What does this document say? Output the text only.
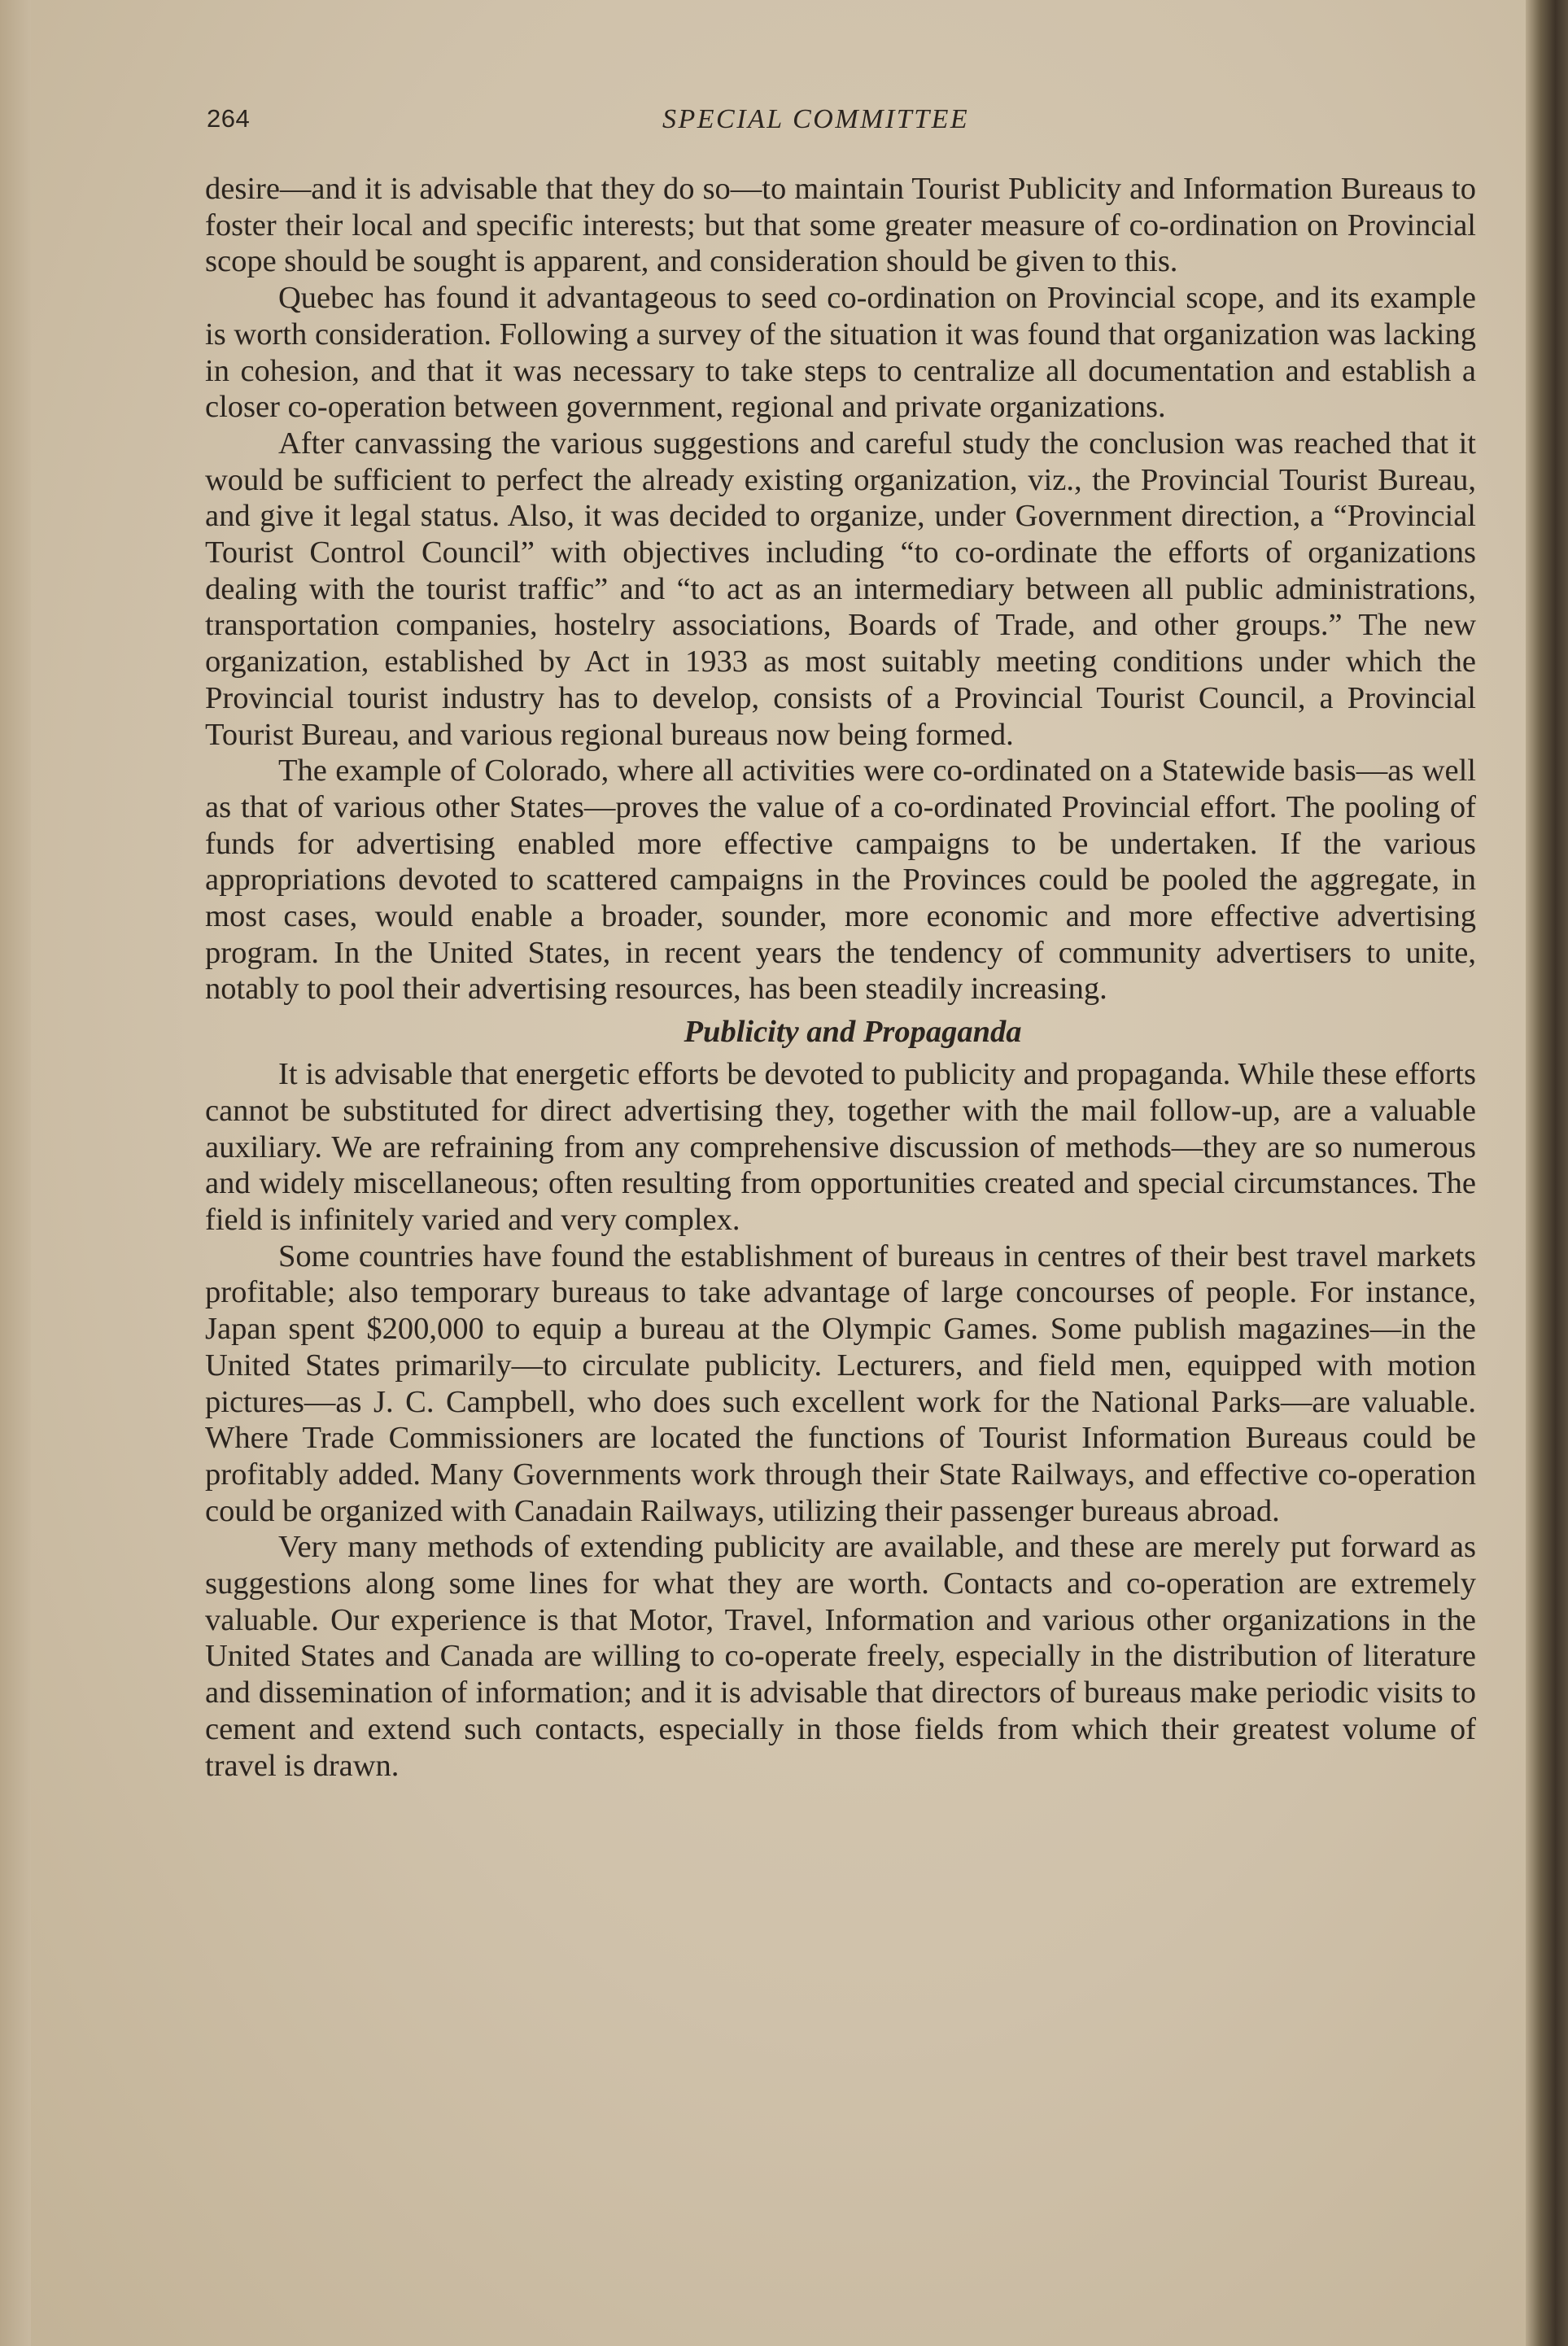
264	SPECIAL COMMITTEE

desire—and it is advisable that they do so—to maintain Tourist Publicity and Information Bureaus to foster their local and specific interests; but that some greater measure of co-ordination on Provincial scope should be sought is apparent, and consideration should be given to this.

Quebec has found it advantageous to seed co-ordination on Provincial scope, and its example is worth consideration. Following a survey of the situation it was found that organization was lacking in cohesion, and that it was necessary to take steps to centralize all documentation and establish a closer co-operation between government, regional and private organizations.

After canvassing the various suggestions and careful study the conclusion was reached that it would be sufficient to perfect the already existing organization, viz., the Provincial Tourist Bureau, and give it legal status. Also, it was decided to organize, under Government direction, a “Provincial Tourist Control Council” with objectives including “to co-ordinate the efforts of organizations dealing with the tourist traffic” and “to act as an intermediary between all public administrations, transportation companies, hostelry associations, Boards of Trade, and other groups.” The new organization, established by Act in 1933 as most suitably meeting conditions under which the Provincial tourist industry has to develop, consists of a Provincial Tourist Council, a Provincial Tourist Bureau, and various regional bureaus now being formed.

The example of Colorado, where all activities were co-ordinated on a Statewide basis—as well as that of various other States—proves the value of a co-ordinated Provincial effort. The pooling of funds for advertising enabled more effective campaigns to be undertaken. If the various appropriations devoted to scattered campaigns in the Provinces could be pooled the aggregate, in most cases, would enable a broader, sounder, more economic and more effective advertising program. In the United States, in recent years the tendency of community advertisers to unite, notably to pool their advertising resources, has been steadily increasing.

Publicity and Propaganda

It is advisable that energetic efforts be devoted to publicity and propaganda. While these efforts cannot be substituted for direct advertising they, together with the mail follow-up, are a valuable auxiliary. We are refraining from any comprehensive discussion of methods—they are so numerous and widely miscellaneous; often resulting from opportunities created and special circumstances. The field is infinitely varied and very complex.

Some countries have found the establishment of bureaus in centres of their best travel markets profitable; also temporary bureaus to take advantage of large concourses of people. For instance, Japan spent $200,000 to equip a bureau at the Olympic Games. Some publish magazines—in the United States primarily—to circulate publicity. Lecturers, and field men, equipped with motion pictures—as J. C. Campbell, who does such excellent work for the National Parks—are valuable. Where Trade Commissioners are located the functions of Tourist Information Bureaus could be profitably added. Many Governments work through their State Railways, and effective co-operation could be organized with Canadain Railways, utilizing their passenger bureaus abroad.

Very many methods of extending publicity are available, and these are merely put forward as suggestions along some lines for what they are worth. Contacts and co-operation are extremely valuable. Our experience is that Motor, Travel, Information and various other organizations in the United States and Canada are willing to co-operate freely, especially in the distribution of literature and dissemination of information; and it is advisable that directors of bureaus make periodic visits to cement and extend such contacts, especially in those fields from which their greatest volume of travel is drawn.
